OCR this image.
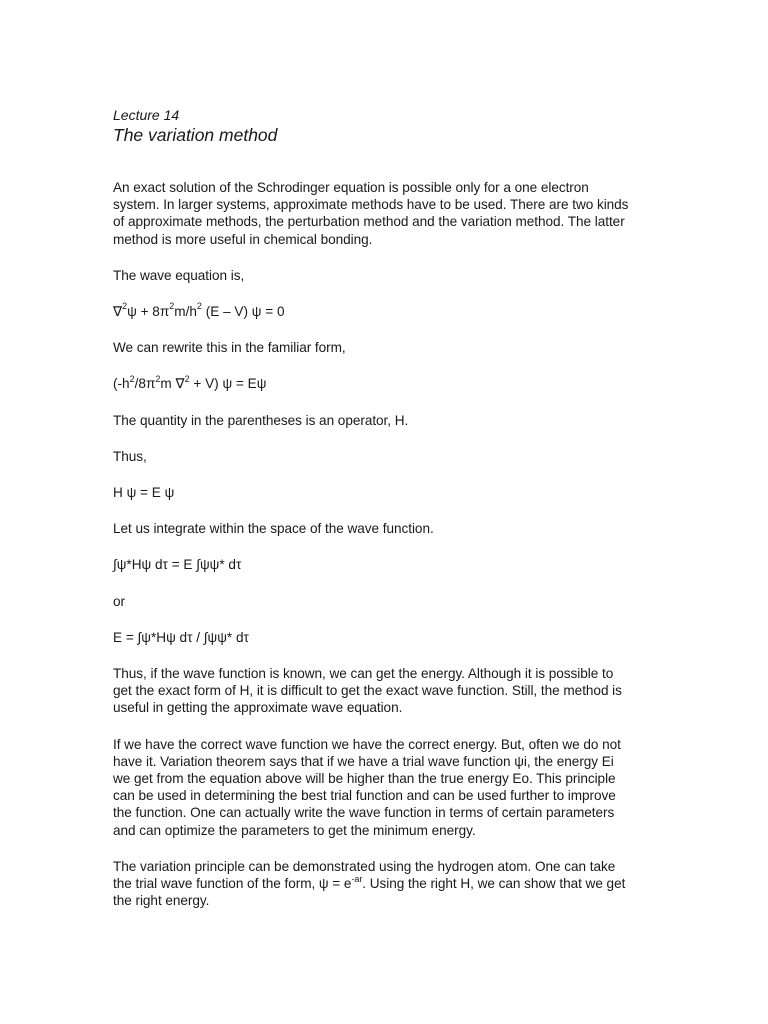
Lecture 14
The variation method

An exact solution of the Schrodinger equation is possible only for a one electron system. In larger systems, approximate methods have to be used. There are two kinds of approximate methods, the perturbation method and the variation method. The latter method is more useful in chemical bonding.

The wave equation is,

$\nabla^2\psi + 8\pi^2m/h^2$ (E – V) ψ = 0

We can rewrite this in the familiar form,

($-h^2/8\pi^2m$ ∇$^2$ + V) ψ = Eψ

The quantity in the parentheses is an operator, H.

Thus,

H ψ = E ψ

Let us integrate within the space of the wave function.

∫ψ*Hψ dτ = E ∫ψψ* dτ

or

E = ∫ψ*Hψ dτ / ∫ψψ* dτ

Thus, if the wave function is known, we can get the energy. Although it is possible to get the exact form of H, it is difficult to get the exact wave function. Still, the method is useful in getting the approximate wave equation.

If we have the correct wave function we have the correct energy. But, often we do not have it. Variation theorem says that if we have a trial wave function ψi, the energy Ei we get from the equation above will be higher than the true energy Eo. This principle can be used in determining the best trial function and can be used further to improve the function. One can actually write the wave function in terms of certain parameters and can optimize the parameters to get the minimum energy.

The variation principle can be demonstrated using the hydrogen atom. One can take the trial wave function of the form, $\psi = e^{-ar}$. Using the right H, we can show that we get the right energy.
